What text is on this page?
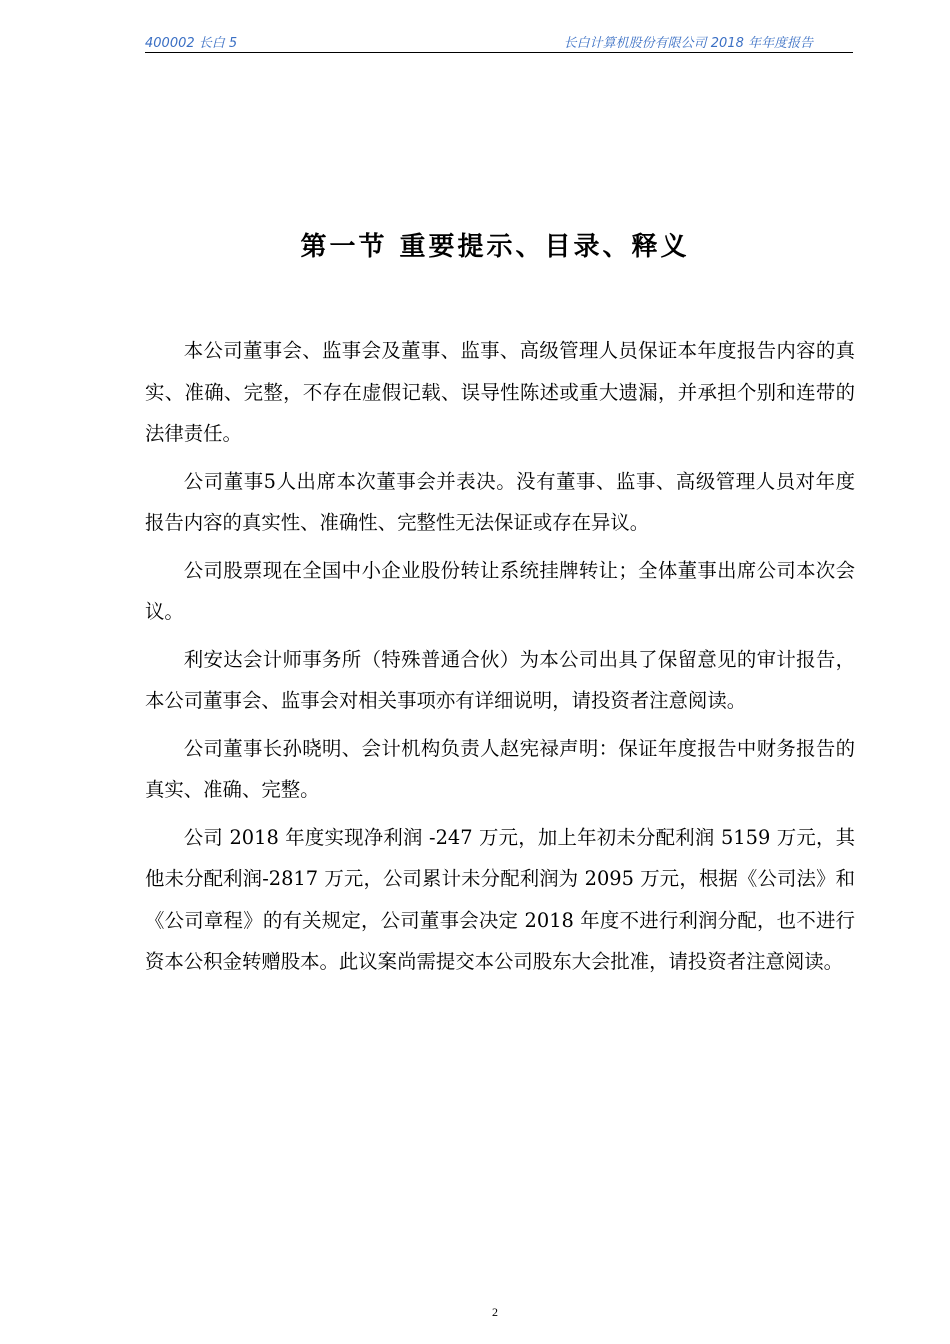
400002 长白 5	长白计算机股份有限公司 2018 年年度报告
第一节 重要提示、目录、释义

本公司董事会、监事会及董事、监事、高级管理人员保证本年度报告内容的真实、准确、完整，不存在虚假记载、误导性陈述或重大遗漏，并承担个别和连带的法律责任。

公司董事5人出席本次董事会并表决。没有董事、监事、高级管理人员对年度报告内容的真实性、准确性、完整性无法保证或存在异议。

公司股票现在全国中小企业股份转让系统挂牌转让；全体董事出席公司本次会议。

利安达会计师事务所（特殊普通合伙）为本公司出具了保留意见的审计报告，本公司董事会、监事会对相关事项亦有详细说明，请投资者注意阅读。

公司董事长孙晓明、会计机构负责人赵宪禄声明：保证年度报告中财务报告的真实、准确、完整。

公司 2018 年度实现净利润 -247 万元，加上年初未分配利润 5159 万元，其他未分配利润-2817 万元，公司累计未分配利润为 2095 万元，根据《公司法》和《公司章程》的有关规定，公司董事会决定 2018 年度不进行利润分配，也不进行资本公积金转赠股本。此议案尚需提交本公司股东大会批准，请投资者注意阅读。

2
